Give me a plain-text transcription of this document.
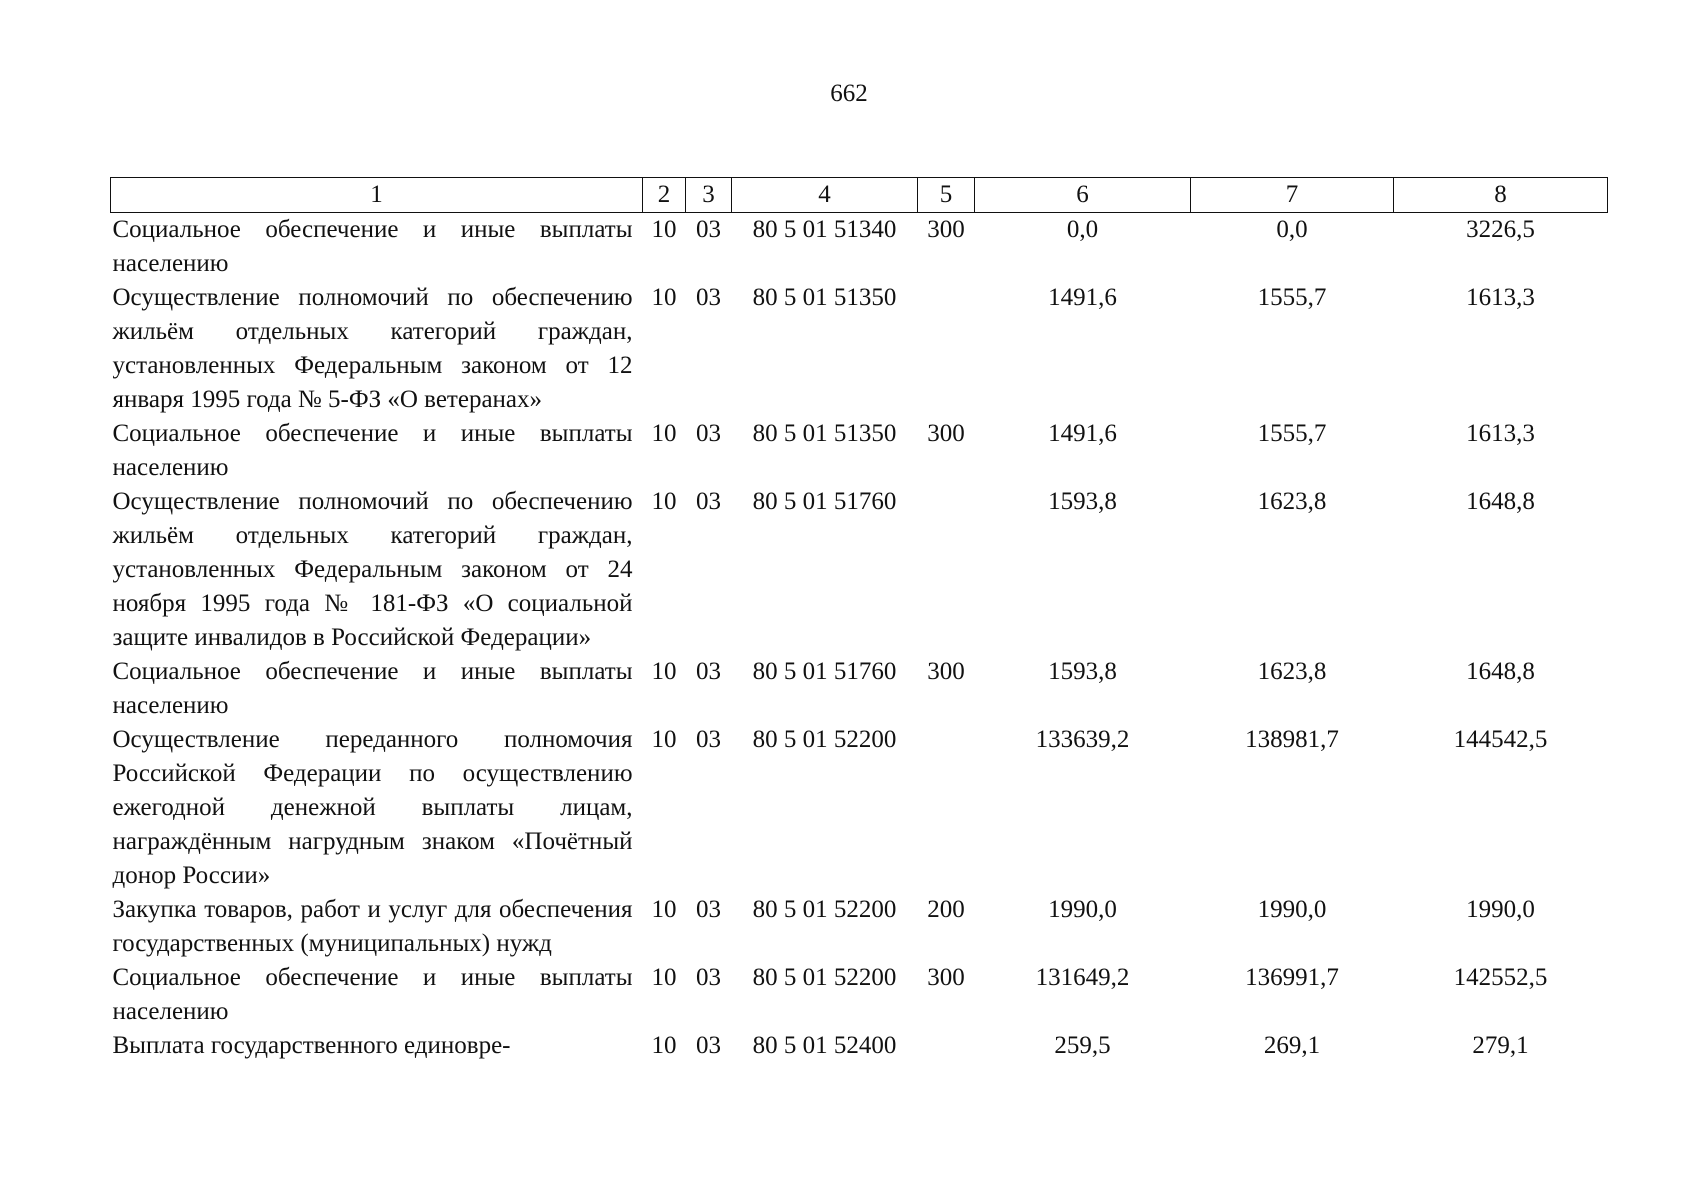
662
1	2	3	4	5	6	7	8
Социальное обеспечение и иные выплаты населению	10	03	80 5 01 51340	300	0,0	0,0	3226,5
Осуществление полномочий по обеспечению жильём отдельных категорий граждан, установленных Федеральным законом от 12 января 1995 года № 5-ФЗ «О ветеранах»	10	03	80 5 01 51350		1491,6	1555,7	1613,3
Социальное обеспечение и иные выплаты населению	10	03	80 5 01 51350	300	1491,6	1555,7	1613,3
Осуществление полномочий по обеспечению жильём отдельных категорий граждан, установленных Федеральным законом от 24 ноября 1995 года № 181-ФЗ «О социальной защите инвалидов в Российской Федерации»	10	03	80 5 01 51760		1593,8	1623,8	1648,8
Социальное обеспечение и иные выплаты населению	10	03	80 5 01 51760	300	1593,8	1623,8	1648,8
Осуществление переданного полномочия Российской Федерации по осуществлению ежегодной денежной выплаты лицам, награждённым нагрудным знаком «Почётный донор России»	10	03	80 5 01 52200		133639,2	138981,7	144542,5
Закупка товаров, работ и услуг для обеспечения государственных (муниципальных) нужд	10	03	80 5 01 52200	200	1990,0	1990,0	1990,0
Социальное обеспечение и иные выплаты населению	10	03	80 5 01 52200	300	131649,2	136991,7	142552,5
Выплата государственного единовре-	10	03	80 5 01 52400		259,5	269,1	279,1
